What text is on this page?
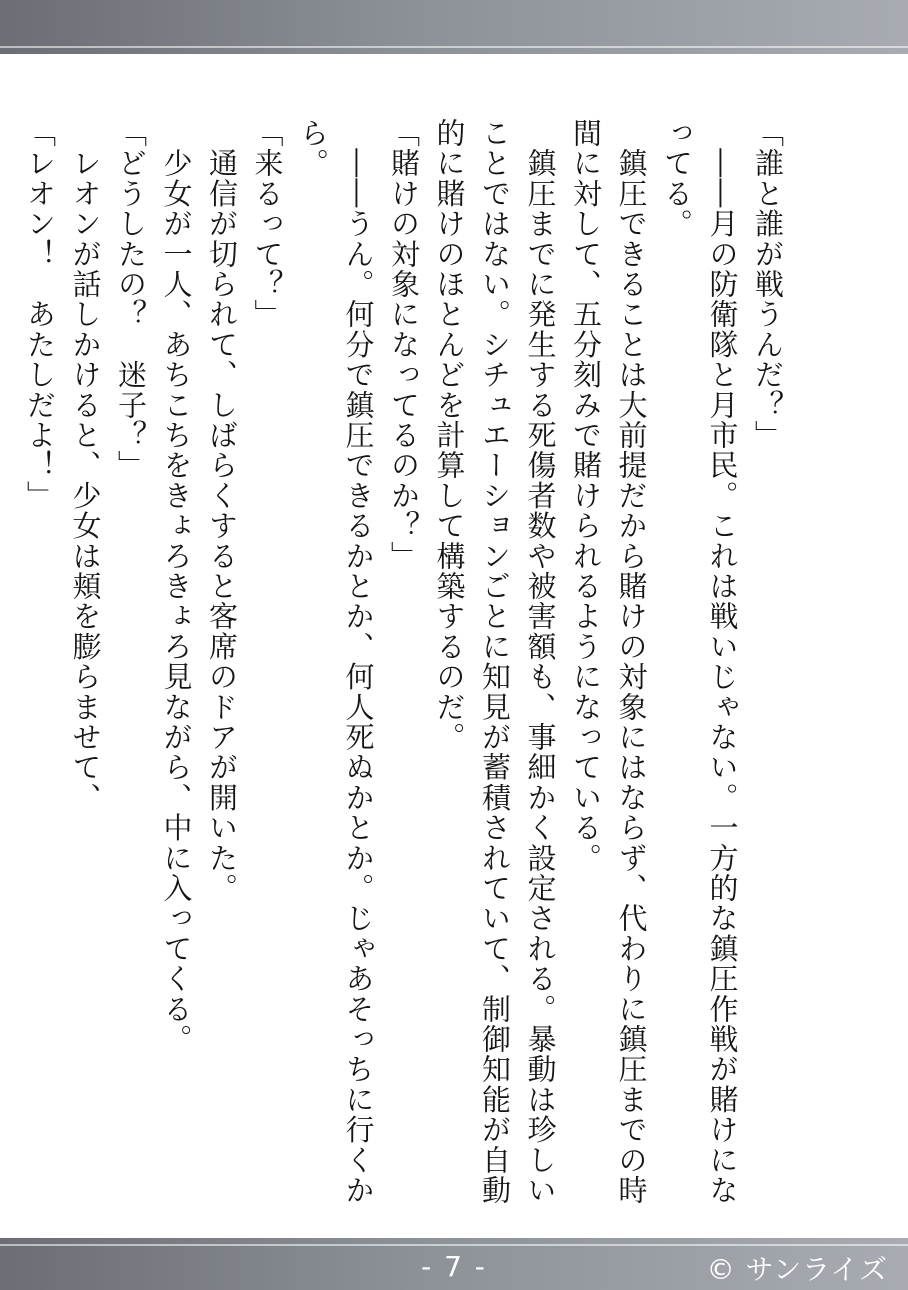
「誰と誰が戦うんだ？」

　――月の防衛隊と月市民。これは戦いじゃない。一方的な鎮圧作戦が賭けになってる。

　鎮圧できることは大前提だから賭けの対象にはならず、代わりに鎮圧までの時間に対して、五分刻みで賭けられるようになっている。

　鎮圧までに発生する死傷者数や被害額も、事細かく設定される。暴動は珍しいことではない。シチュエーションごとに知見が蓄積されていて、制御知能が自動的に賭けのほとんどを計算して構築するのだ。

「賭けの対象になってるのか？」

　――うん。何分で鎮圧できるかとか、何人死ぬかとか。じゃあそっちに行くから。

「来るって？」

　通信が切られて、しばらくすると客席のドアが開いた。

　少女が一人、あちこちをきょろきょろ見ながら、中に入ってくる。

「どうしたの？　迷子？」

　レオンが話しかけると、少女は頬を膨らませて、

「レオン！　あたしだよ！」

- 7 -	© サンライズ
